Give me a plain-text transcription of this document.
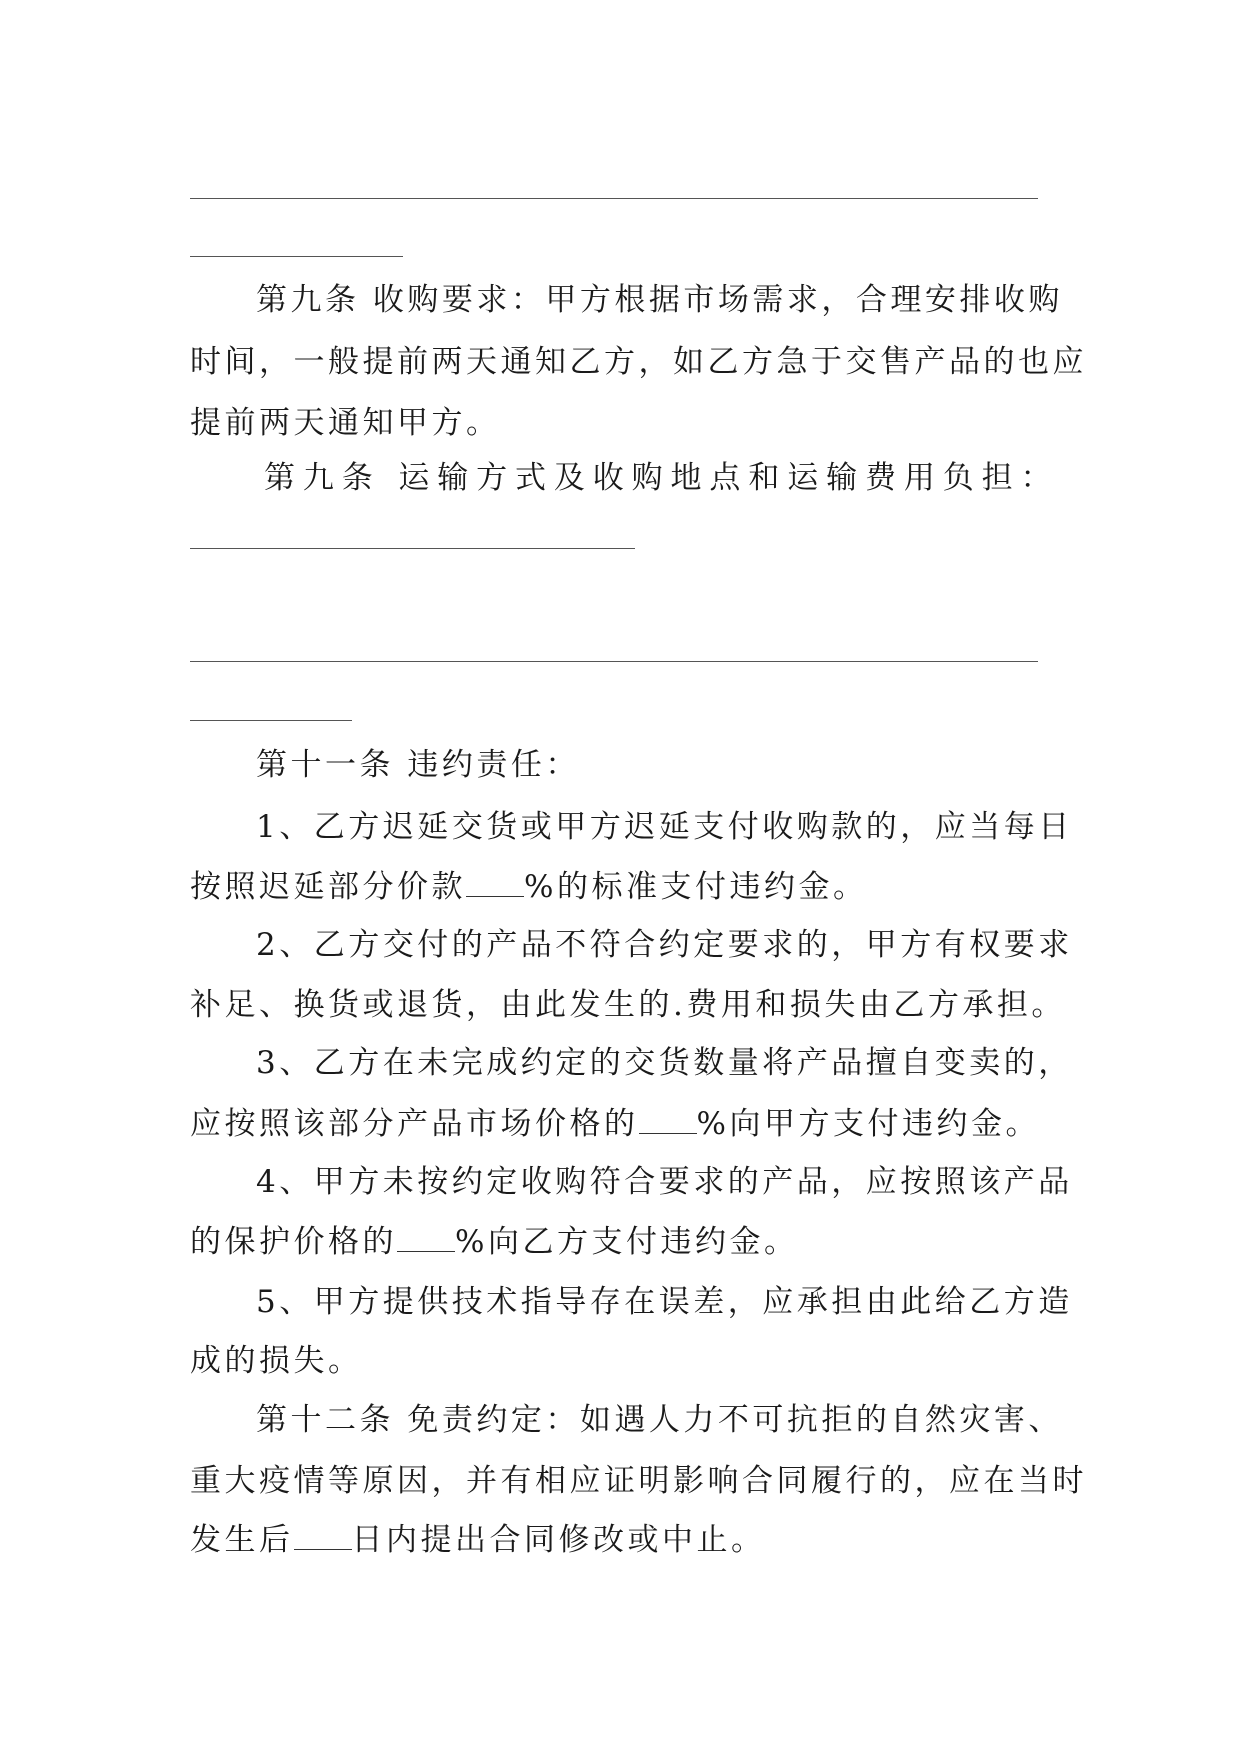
第九条 收购要求：甲方根据市场需求，合理安排收购
时间，一般提前两天通知乙方，如乙方急于交售产品的也应
提前两天通知甲方。
第九条 运输方式及收购地点和运输费用负担：
第十一条 违约责任：
1、乙方迟延交货或甲方迟延支付收购款的，应当每日
按照迟延部分价款 %的标准支付违约金。
2、乙方交付的产品不符合约定要求的，甲方有权要求
补足、换货或退货，由此发生的.费用和损失由乙方承担。
3、乙方在未完成约定的交货数量将产品擅自变卖的，
应按照该部分产品市场价格的 %向甲方支付违约金。
4、甲方未按约定收购符合要求的产品，应按照该产品
的保护价格的 %向乙方支付违约金。
5、甲方提供技术指导存在误差，应承担由此给乙方造
成的损失。
第十二条 免责约定：如遇人力不可抗拒的自然灾害、
重大疫情等原因，并有相应证明影响合同履行的，应在当时
发生后 日内提出合同修改或中止。
